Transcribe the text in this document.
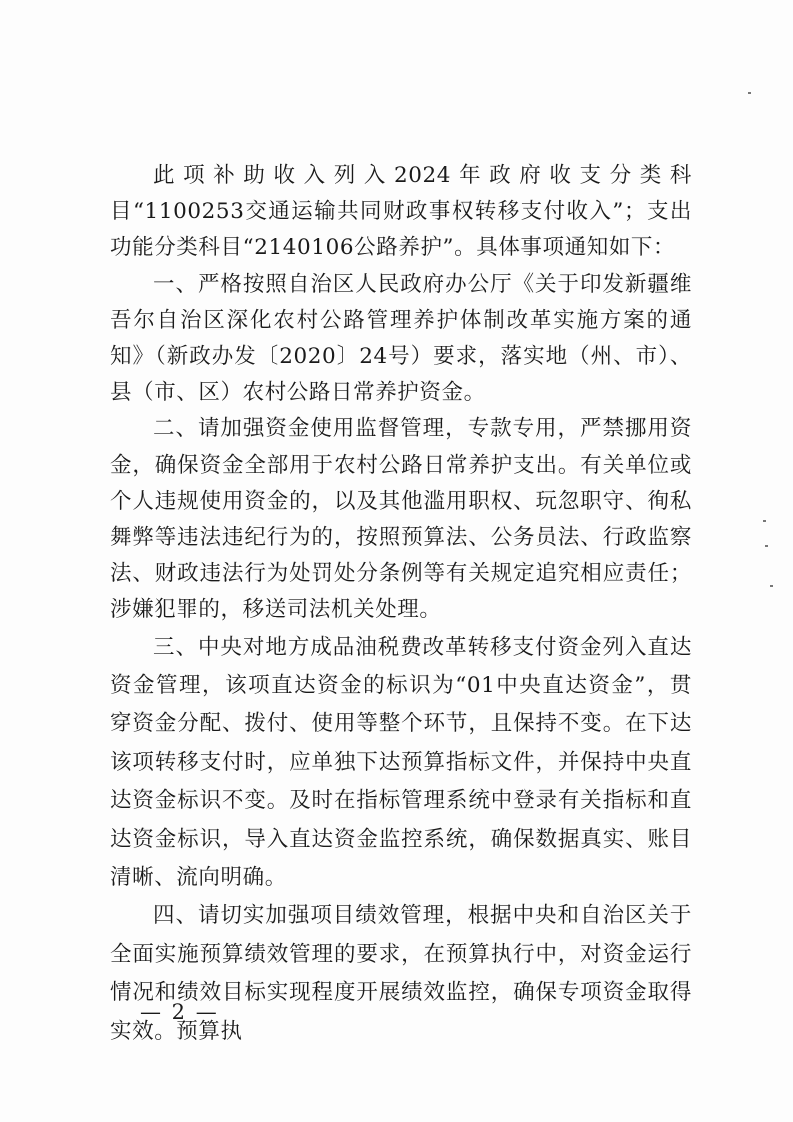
此项补助收入列入2024年政府收支分类科目“1100253交通运输共同财政事权转移支付收入”；支出功能分类科目“2140106公路养护”。具体事项通知如下：

一、严格按照自治区人民政府办公厅《关于印发新疆维吾尔自治区深化农村公路管理养护体制改革实施方案的通知》（新政办发〔2020〕24号）要求，落实地（州、市）、县（市、区）农村公路日常养护资金。

二、请加强资金使用监督管理，专款专用，严禁挪用资金，确保资金全部用于农村公路日常养护支出。有关单位或个人违规使用资金的，以及其他滥用职权、玩忽职守、徇私舞弊等违法违纪行为的，按照预算法、公务员法、行政监察法、财政违法行为处罚处分条例等有关规定追究相应责任；涉嫌犯罪的，移送司法机关处理。

三、中央对地方成品油税费改革转移支付资金列入直达资金管理，该项直达资金的标识为“01中央直达资金”，贯穿资金分配、拨付、使用等整个环节，且保持不变。在下达该项转移支付时，应单独下达预算指标文件，并保持中央直达资金标识不变。及时在指标管理系统中登录有关指标和直达资金标识，导入直达资金监控系统，确保数据真实、账目清晰、流向明确。

四、请切实加强项目绩效管理，根据中央和自治区关于全面实施预算绩效管理的要求，在预算执行中，对资金运行情况和绩效目标实现程度开展绩效监控，确保专项资金取得实效。预算执

— 2 —
